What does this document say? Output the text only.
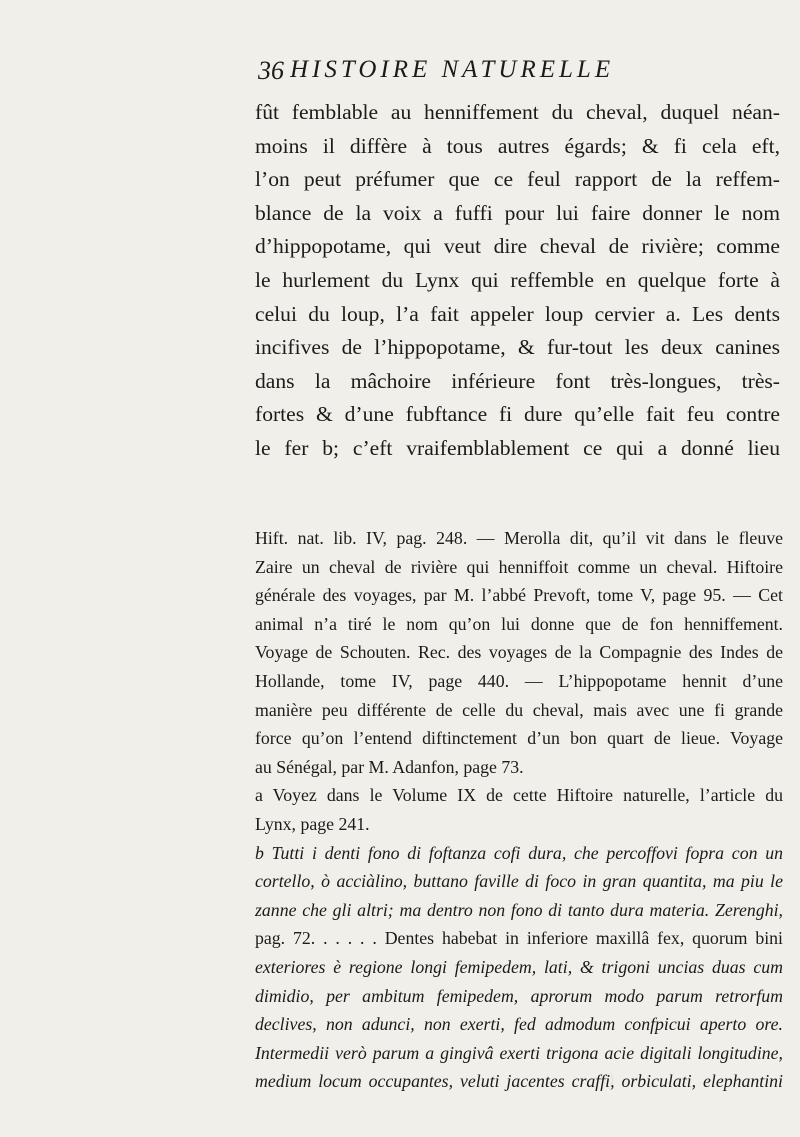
36 HISTOIRE NATURELLE
fût femblable au henniffement du cheval, duquel néan-
moins il diffère à tous autres égards; & fi cela eft,
l’on peut préfumer que ce feul rapport de la reffem-
blance de la voix a fuffi pour lui faire donner le nom
d’hippopotame, qui veut dire cheval de rivière; comme
le hurlement du Lynx qui reffemble en quelque forte à
celui du loup, l’a fait appeler loup cervier a. Les dents
incifives de l’hippopotame, & fur-tout les deux canines
dans la mâchoire inférieure font très-longues, très-
fortes & d’une fubftance fi dure qu’elle fait feu contre
le fer b; c’eft vraifemblablement ce qui a donné lieu
Hift. nat. lib. IV, pag. 248. — Merolla dit, qu’il vit dans le fleuve
Zaire un cheval de rivière qui henniffoit comme un cheval. Hiftoire
générale des voyages, par M. l’abbé Prevoft, tome V, page 95. — Cet
animal n’a tiré le nom qu’on lui donne que de fon henniffement.
Voyage de Schouten. Rec. des voyages de la Compagnie des Indes de
Hollande, tome IV, page 440. — L’hippopotame hennit d’une
manière peu différente de celle du cheval, mais avec une fi grande
force qu’on l’entend diftinctement d’un bon quart de lieue. Voyage
au Sénégal, par M. Adanfon, page 73.
a Voyez dans le Volume IX de cette Hiftoire naturelle, l’article du
Lynx, page 241.
b Tutti i denti fono di foftanza cofi dura, che percoffovi fopra con un
cortello, ò acciàlino, buttano faville di foco in gran quantita, ma piu le
zanne che gli altri; ma dentro non fono di tanto dura materia. Zerenghi,
pag. 72. . . . . . Dentes habebat in inferiore maxillâ fex, quorum bini
exteriores è regione longi femipedem, lati, & trigoni uncias duas cum
dimidio, per ambitum femipedem, aprorum modo parum retrorfum
declives, non adunci, non exerti, fed admodum confpicui aperto ore.
Intermedii verò parum a gingivâ exerti trigona acie digitali longitudine,
medium locum occupantes, veluti jacentes craffi, orbiculati, elephantini
